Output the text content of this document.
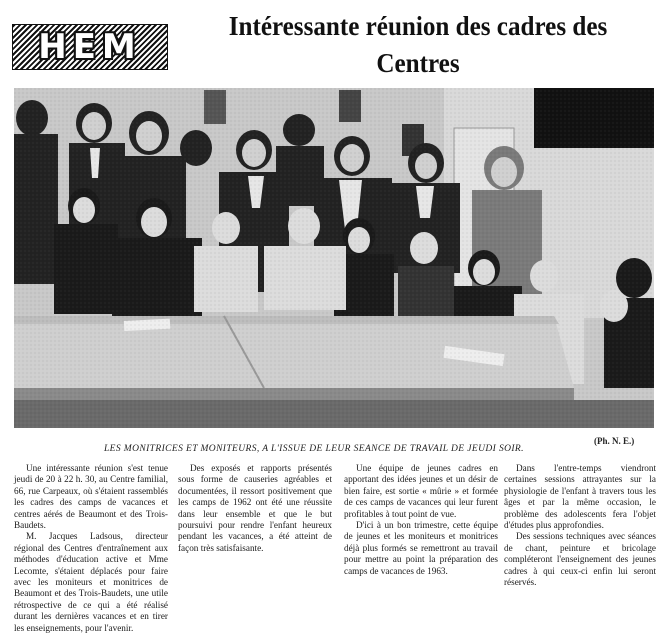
HEM
Intéressante réunion des cadres des Centres
LES MONITRICES ET MONITEURS, A L'ISSUE DE LEUR SEANCE DE TRAVAIL DE JEUDI SOIR.
(Ph. N. E.)

Une intéressante réunion s'est tenue jeudi de 20 à 22 h. 30, au Centre familial, 66, rue Carpeaux, où s'étaient rassemblés les cadres des camps de vacances et centres aérés de Beaumont et des Trois-Baudets.

M. Jacques Ladsous, directeur régional des Centres d'entraînement aux méthodes d'éducation active et Mme Lecomte, s'étaient déplacés pour faire avec les moniteurs et monitrices de Beaumont et des Trois-Baudets, une utile rétrospective de ce qui a été réalisé durant les dernières vacances et en tirer les enseignements, pour l'avenir.

Des exposés et rapports présentés sous forme de causeries agréables et documentées, il ressort positivement que les camps de 1962 ont été une réussite dans leur ensemble et que le but poursuivi pour rendre l'enfant heureux pendant les vacances, a été atteint de façon très satisfaisante.

Une équipe de jeunes cadres en apportant des idées jeunes et un désir de bien faire, est sortie « mûrie » et formée de ces camps de vacances qui leur furent profitables à tout point de vue.

D'ici à un bon trimestre, cette équipe de jeunes et les moniteurs et monitrices déjà plus formés se remettront au travail pour mettre au point la préparation des camps de vacances de 1963.

Dans l'entre-temps viendront certaines sessions attrayantes sur la physiologie de l'enfant à travers tous les âges et par la même occasion, le problème des adolescents fera l'objet d'études plus approfondies.

Des sessions techniques avec séances de chant, peinture et bricolage compléteront l'enseignement des jeunes cadres à qui ceux-ci enfin lui seront réservés.
